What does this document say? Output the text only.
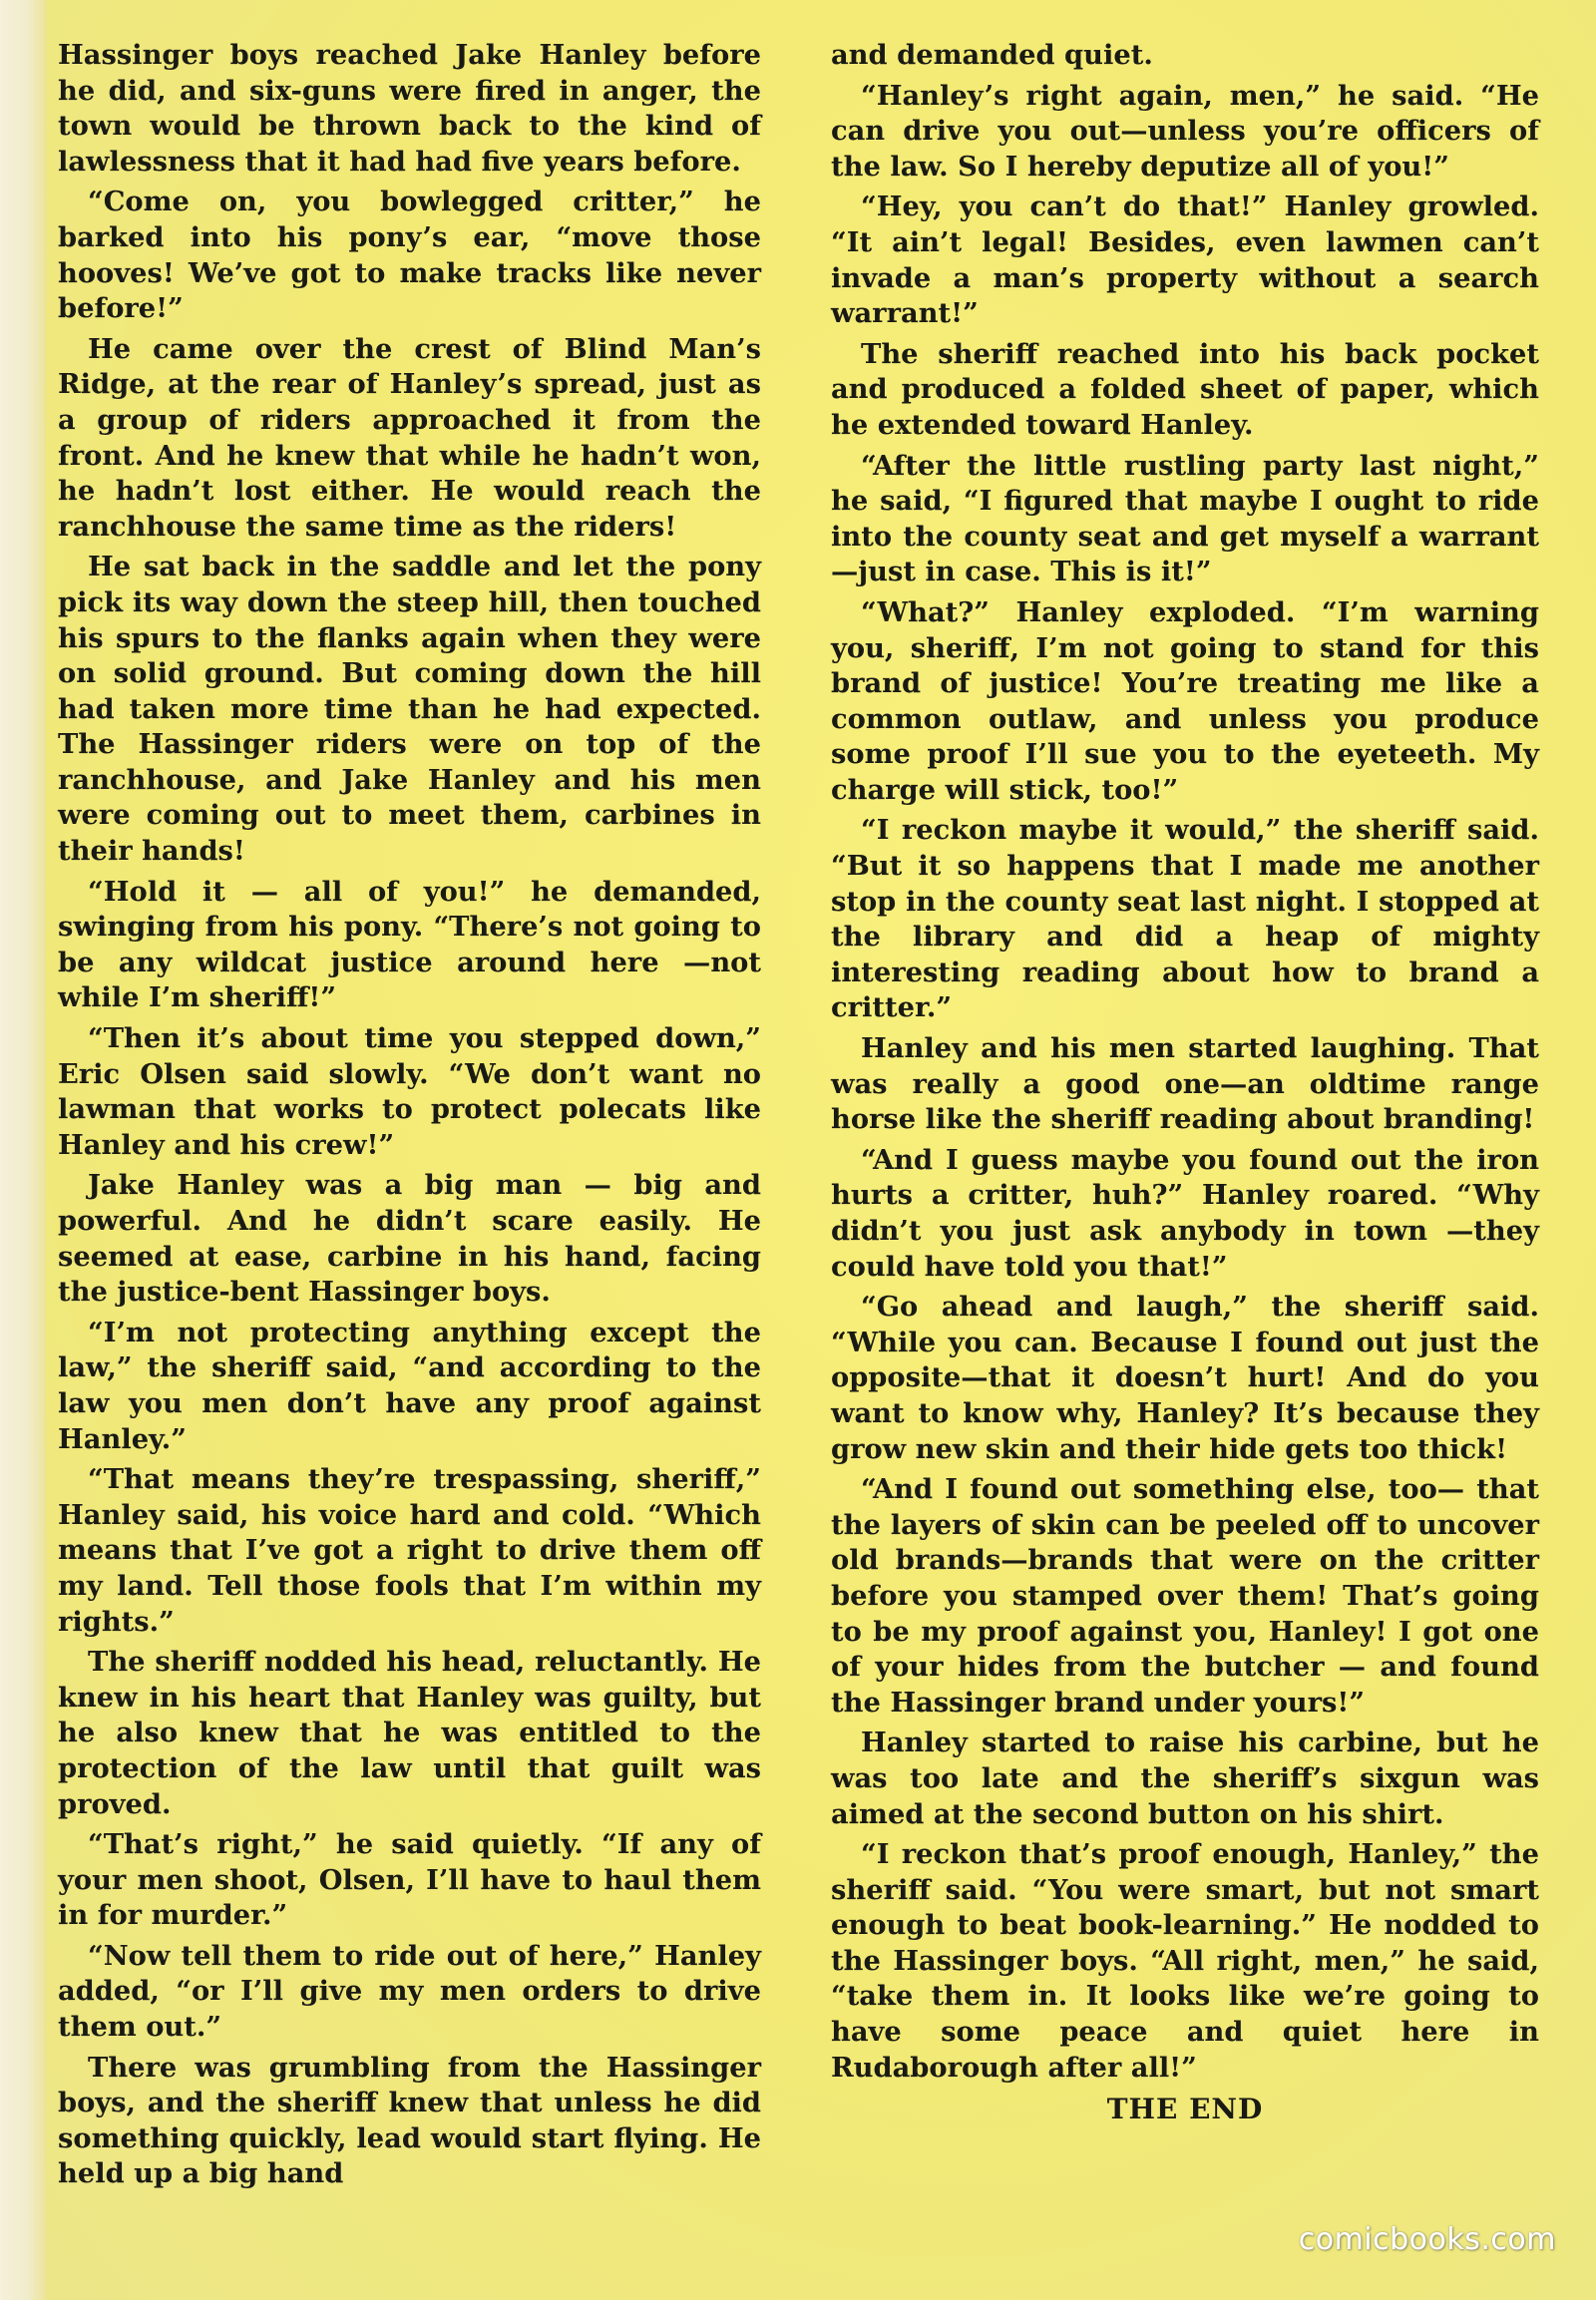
Hassinger boys reached Jake Hanley before he did, and six-guns were fired in anger, the town would be thrown back to the kind of lawlessness that it had had five years before.

“Come on, you bowlegged critter,” he barked into his pony’s ear, “move those hooves! We’ve got to make tracks like never before!”

He came over the crest of Blind Man’s Ridge, at the rear of Hanley’s spread, just as a group of riders approached it from the front. And he knew that while he hadn’t won, he hadn’t lost either. He would reach the ranchhouse the same time as the riders!

He sat back in the saddle and let the pony pick its way down the steep hill, then touched his spurs to the flanks again when they were on solid ground. But coming down the hill had taken more time than he had expected. The Hassinger riders were on top of the ranchhouse, and Jake Hanley and his men were coming out to meet them, carbines in their hands!

“Hold it — all of you!” he demanded, swinging from his pony. “There’s not going to be any wildcat justice around here —not while I’m sheriff!”

“Then it’s about time you stepped down,” Eric Olsen said slowly. “We don’t want no lawman that works to protect polecats like Hanley and his crew!”

Jake Hanley was a big man — big and powerful. And he didn’t scare easily. He seemed at ease, carbine in his hand, facing the justice-bent Hassinger boys.

“I’m not protecting anything except the law,” the sheriff said, “and according to the law you men don’t have any proof against Hanley.”

“That means they’re trespassing, sheriff,” Hanley said, his voice hard and cold. “Which means that I’ve got a right to drive them off my land. Tell those fools that I’m within my rights.”

The sheriff nodded his head, reluctantly. He knew in his heart that Hanley was guilty, but he also knew that he was entitled to the protection of the law until that guilt was proved.

“That’s right,” he said quietly. “If any of your men shoot, Olsen, I’ll have to haul them in for murder.”

“Now tell them to ride out of here,” Hanley added, “or I’ll give my men orders to drive them out.”

There was grumbling from the Hassinger boys, and the sheriff knew that unless he did something quickly, lead would start flying. He held up a big hand

and demanded quiet.

“Hanley’s right again, men,” he said. “He can drive you out—unless you’re officers of the law. So I hereby deputize all of you!”

“Hey, you can’t do that!” Hanley growled. “It ain’t legal! Besides, even lawmen can’t invade a man’s property without a search warrant!”

The sheriff reached into his back pocket and produced a folded sheet of paper, which he extended toward Hanley.

“After the little rustling party last night,” he said, “I figured that maybe I ought to ride into the county seat and get myself a warrant—just in case. This is it!”

“What?” Hanley exploded. “I’m warning you, sheriff, I’m not going to stand for this brand of justice! You’re treating me like a common outlaw, and unless you produce some proof I’ll sue you to the eyeteeth. My charge will stick, too!”

“I reckon maybe it would,” the sheriff said. “But it so happens that I made me another stop in the county seat last night. I stopped at the library and did a heap of mighty interesting reading about how to brand a critter.”

Hanley and his men started laughing. That was really a good one—an oldtime range horse like the sheriff reading about branding!

“And I guess maybe you found out the iron hurts a critter, huh?” Hanley roared. “Why didn’t you just ask anybody in town —they could have told you that!”

“Go ahead and laugh,” the sheriff said. “While you can. Because I found out just the opposite—that it doesn’t hurt! And do you want to know why, Hanley? It’s because they grow new skin and their hide gets too thick!

“And I found out something else, too— that the layers of skin can be peeled off to uncover old brands—brands that were on the critter before you stamped over them! That’s going to be my proof against you, Hanley! I got one of your hides from the butcher — and found the Hassinger brand under yours!”

Hanley started to raise his carbine, but he was too late and the sheriff’s sixgun was aimed at the second button on his shirt.

“I reckon that’s proof enough, Hanley,” the sheriff said. “You were smart, but not smart enough to beat book-learning.” He nodded to the Hassinger boys. “All right, men,” he said, “take them in. It looks like we’re going to have some peace and quiet here in Rudaborough after all!”

THE END

comicbooks.com
